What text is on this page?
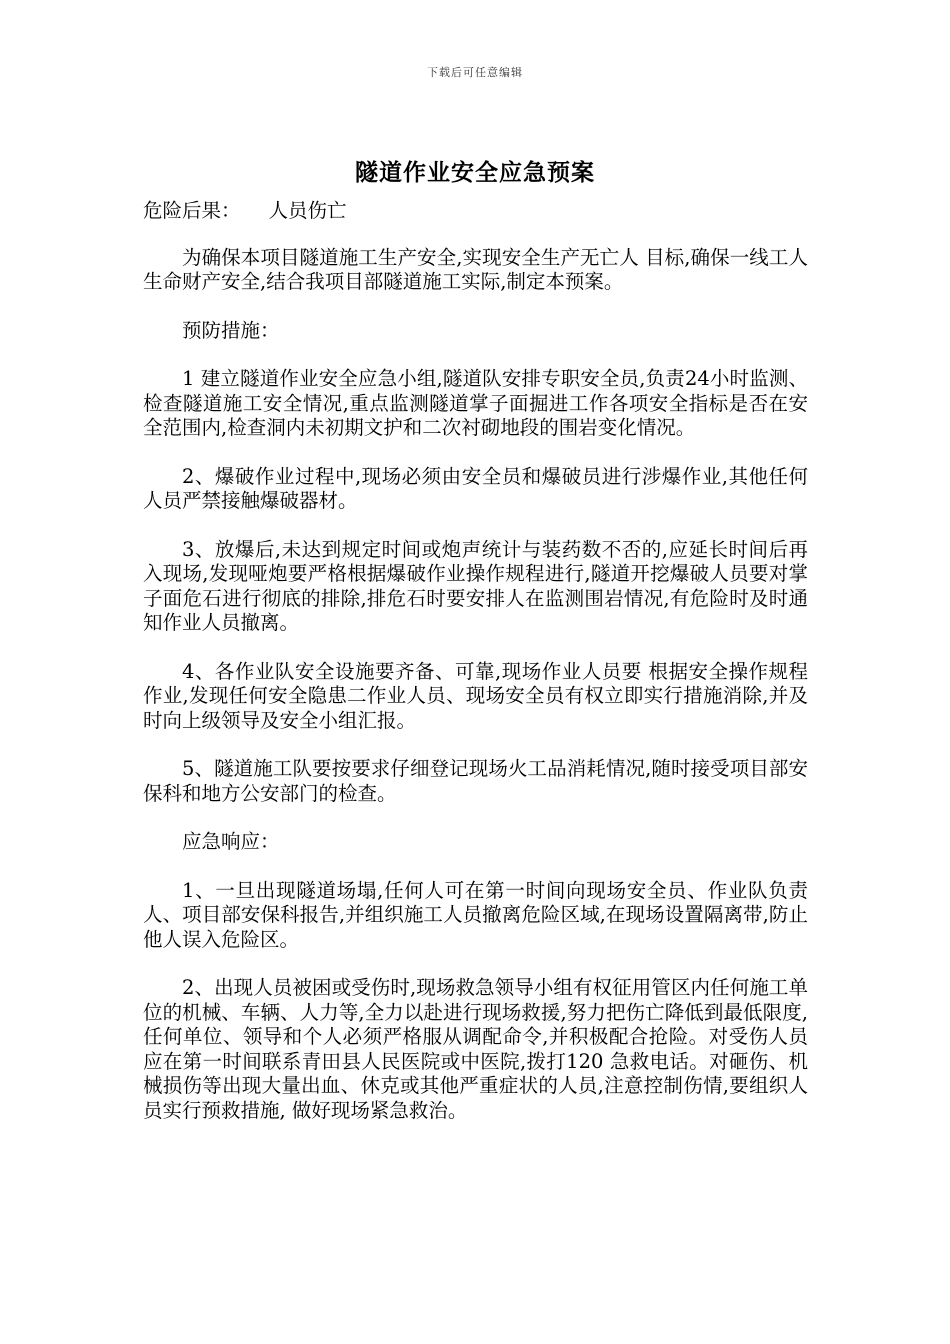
下载后可任意编辑
隧道作业安全应急预案

危险后果： 人员伤亡

为确保本项目隧道施工生产安全,实现安全生产无亡人 目标,确保一线工人生命财产安全,结合我项目部隧道施工实际,制定本预案。

预防措施：

1 建立隧道作业安全应急小组,隧道队安排专职安全员,负责24小时监测、检查隧道施工安全情况,重点监测隧道掌子面掘进工作各项安全指标是否在安全范围内,检查洞内未初期文护和二次衬砌地段的围岩变化情况。

2、爆破作业过程中,现场必须由安全员和爆破员进行涉爆作业,其他任何人员严禁接触爆破器材。

3、放爆后,未达到规定时间或炮声统计与装药数不否的,应延长时间后再入现场,发现哑炮要严格根据爆破作业操作规程进行,隧道开挖爆破人员要对掌子面危石进行彻底的排除,排危石时要安排人在监测围岩情况,有危险时及时通知作业人员撤离。

4、各作业队安全设施要齐备、可靠,现场作业人员要 根据安全操作规程作业,发现任何安全隐患二作业人员、现场安全员有权立即实行措施消除,并及时向上级领导及安全小组汇报。

5、隧道施工队要按要求仔细登记现场火工品消耗情况,随时接受项目部安保科和地方公安部门的检查。

应急响应：

1、一旦出现隧道场塌,任何人可在第一时间向现场安全员、作业队负责人、项目部安保科报告,并组织施工人员撤离危险区域,在现场设置隔离带,防止他人误入危险区。

2、出现人员被困或受伤时,现场救急领导小组有权征用管区内任何施工单位的机械、车辆、人力等,全力以赴进行现场救援,努力把伤亡降低到最低限度,任何单位、领导和个人必须严格服从调配命令,并积极配合抢险。对受伤人员应在第一时间联系青田县人民医院或中医院,拨打120 急救电话。对砸伤、机械损伤等出现大量出血、休克或其他严重症状的人员,注意控制伤情,要组织人员实行预救措施, 做好现场紧急救治。
